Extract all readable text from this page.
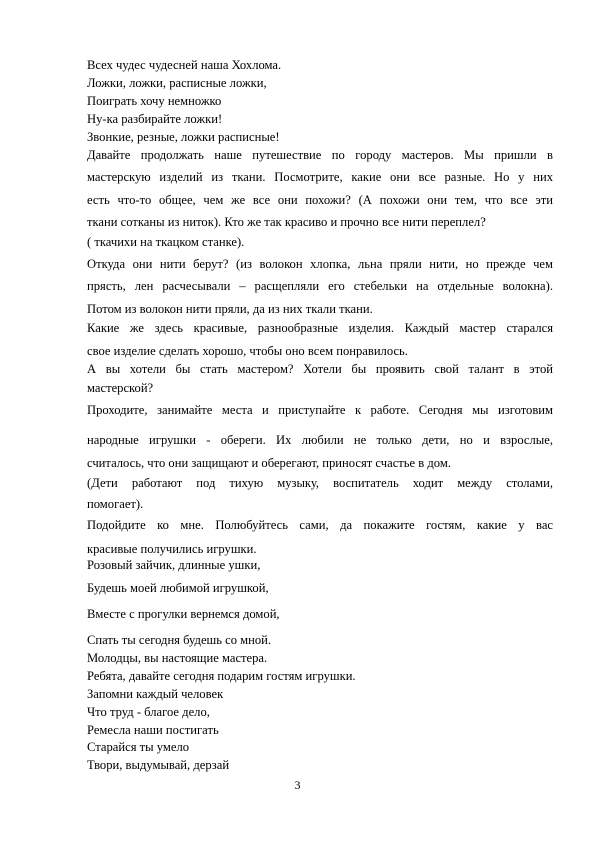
Всех чудес чудесней наша Хохлома.
Ложки, ложки, расписные ложки,
Поиграть хочу немножко
Ну-ка разбирайте ложки!
Звонкие, резные, ложки расписные!
Давайте продолжать наше путешествие по городу мастеров. Мы пришли в
мастерскую изделий из ткани. Посмотрите, какие они все разные. Но у них
есть что-то общее, чем же все они похожи? (А похожи они тем, что все эти
ткани сотканы из ниток). Кто же так красиво и прочно все нити переплел?
( ткачихи на ткацком станке).
Откуда они нити берут? (из волокон хлопка, льна пряли нити, но прежде чем
прясть, лен расчесывали – расщепляли его стебельки на отдельные волокна).
Потом из волокон нити пряли, да из них ткали ткани.
Какие же здесь красивые, разнообразные изделия. Каждый мастер старался
свое изделие сделать хорошо, чтобы оно всем понравилось.
А вы хотели бы стать мастером? Хотели бы проявить свой талант в этой
мастерской?
Проходите, занимайте места и приступайте к работе. Сегодня мы изготовим
народные игрушки - обереги. Их любили не только дети, но и взрослые,
считалось, что они защищают и оберегают, приносят счастье в дом.
(Дети работают под тихую музыку, воспитатель ходит между столами,
помогает).
Подойдите ко мне. Полюбуйтесь сами, да покажите гостям, какие у вас
красивые получились игрушки.
Розовый зайчик, длинные ушки,
Будешь моей любимой игрушкой,
Вместе с прогулки вернемся домой,
Спать ты сегодня будешь со мной.
Молодцы, вы настоящие мастера.
Ребята, давайте сегодня подарим гостям игрушки.
Запомни каждый человек
Что труд - благое дело,
Ремесла наши постигать
Старайся ты умело
Твори, выдумывай, дерзай
3
